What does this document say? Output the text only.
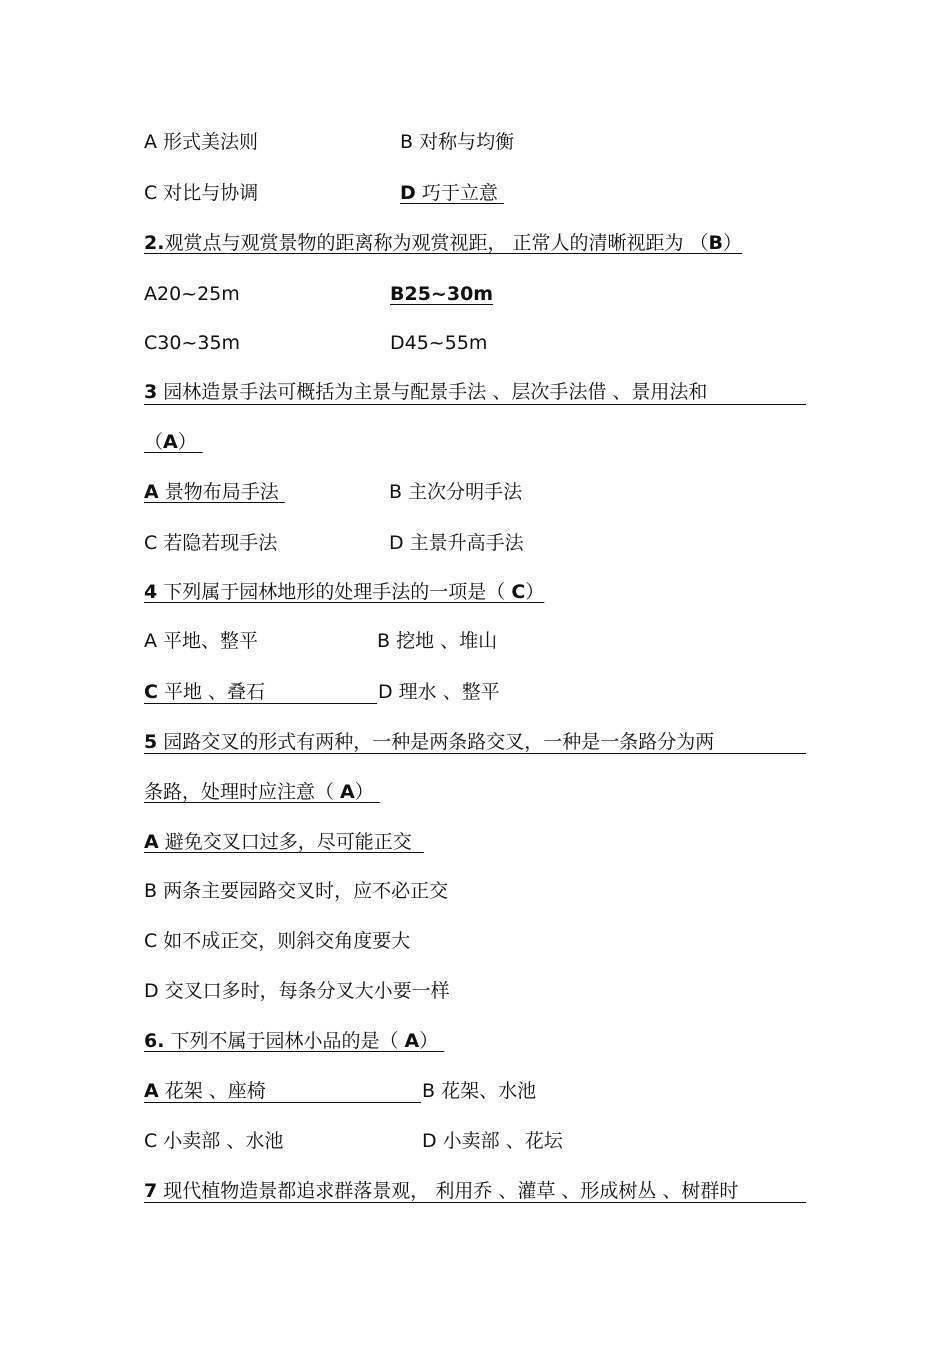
A 形式美法则	B 对称与均衡
C 对比与协调	D 巧于立意
2.观赏点与观赏景物的距离称为观赏视距， 正常人的清晰视距为 （B）
A20~25m	B25~30m
C30~35m	D45~55m
3 园林造景手法可概括为主景与配景手法 、层次手法借 、景用法和
（A）
A 景物布局手法	B 主次分明手法
C 若隐若现手法	D 主景升高手法
4 下列属于园林地形的处理手法的一项是（ C）
A 平地、整平	B 挖地 、堆山
C 平地 、叠石	D 理水 、整平
5 园路交叉的形式有两种，一种是两条路交叉，一种是一条路分为两
条路，处理时应注意（ A）
A 避免交叉口过多，尽可能正交
B 两条主要园路交叉时，应不必正交
C 如不成正交，则斜交角度要大
D 交叉口多时，每条分叉大小要一样
6. 下列不属于园林小品的是（ A）
A 花架 、座椅	B 花架、水池
C 小卖部 、水池	D 小卖部 、花坛
7 现代植物造景都追求群落景观， 利用乔 、灌草 、形成树丛 、树群时
